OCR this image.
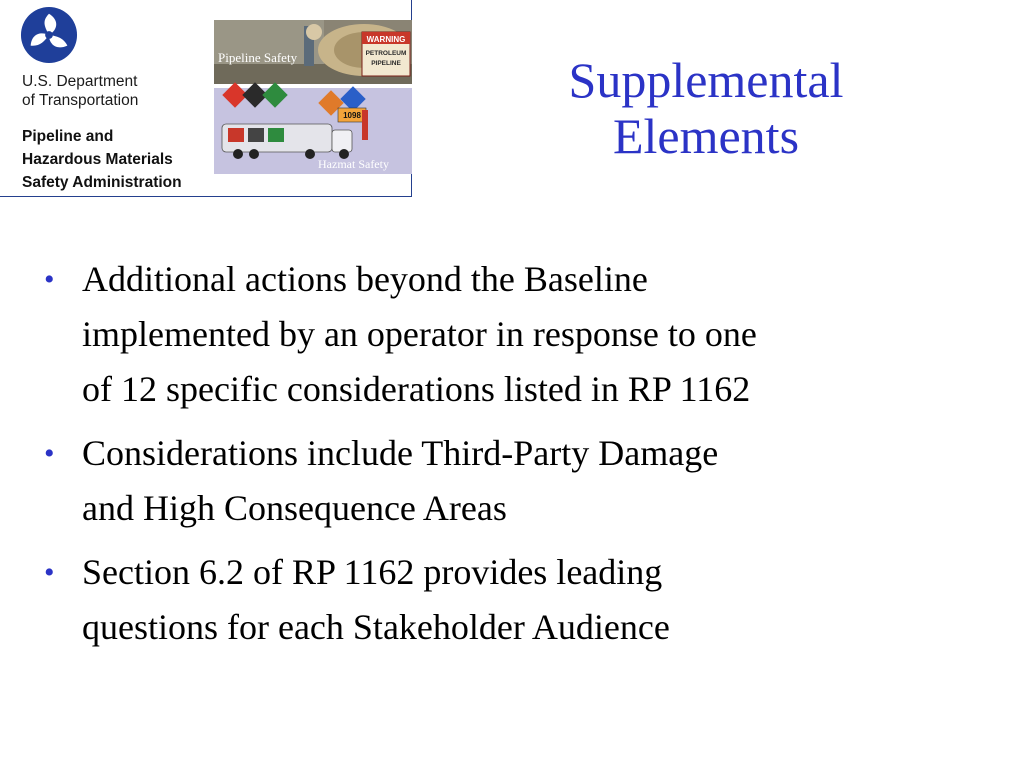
U.S. Department
of Transportation
Pipeline and
Hazardous Materials
Safety Administration
WARNING
PETROLEUM
PIPELINE
Pipeline Safety
1098
Hazmat Safety
Supplemental
Elements
• Additional actions beyond the Baseline
implemented by an operator in response to one
of 12 specific considerations listed in RP 1162
• Considerations include Third-Party Damage
and High Consequence Areas
• Section 6.2 of RP 1162 provides leading
questions for each Stakeholder Audience
